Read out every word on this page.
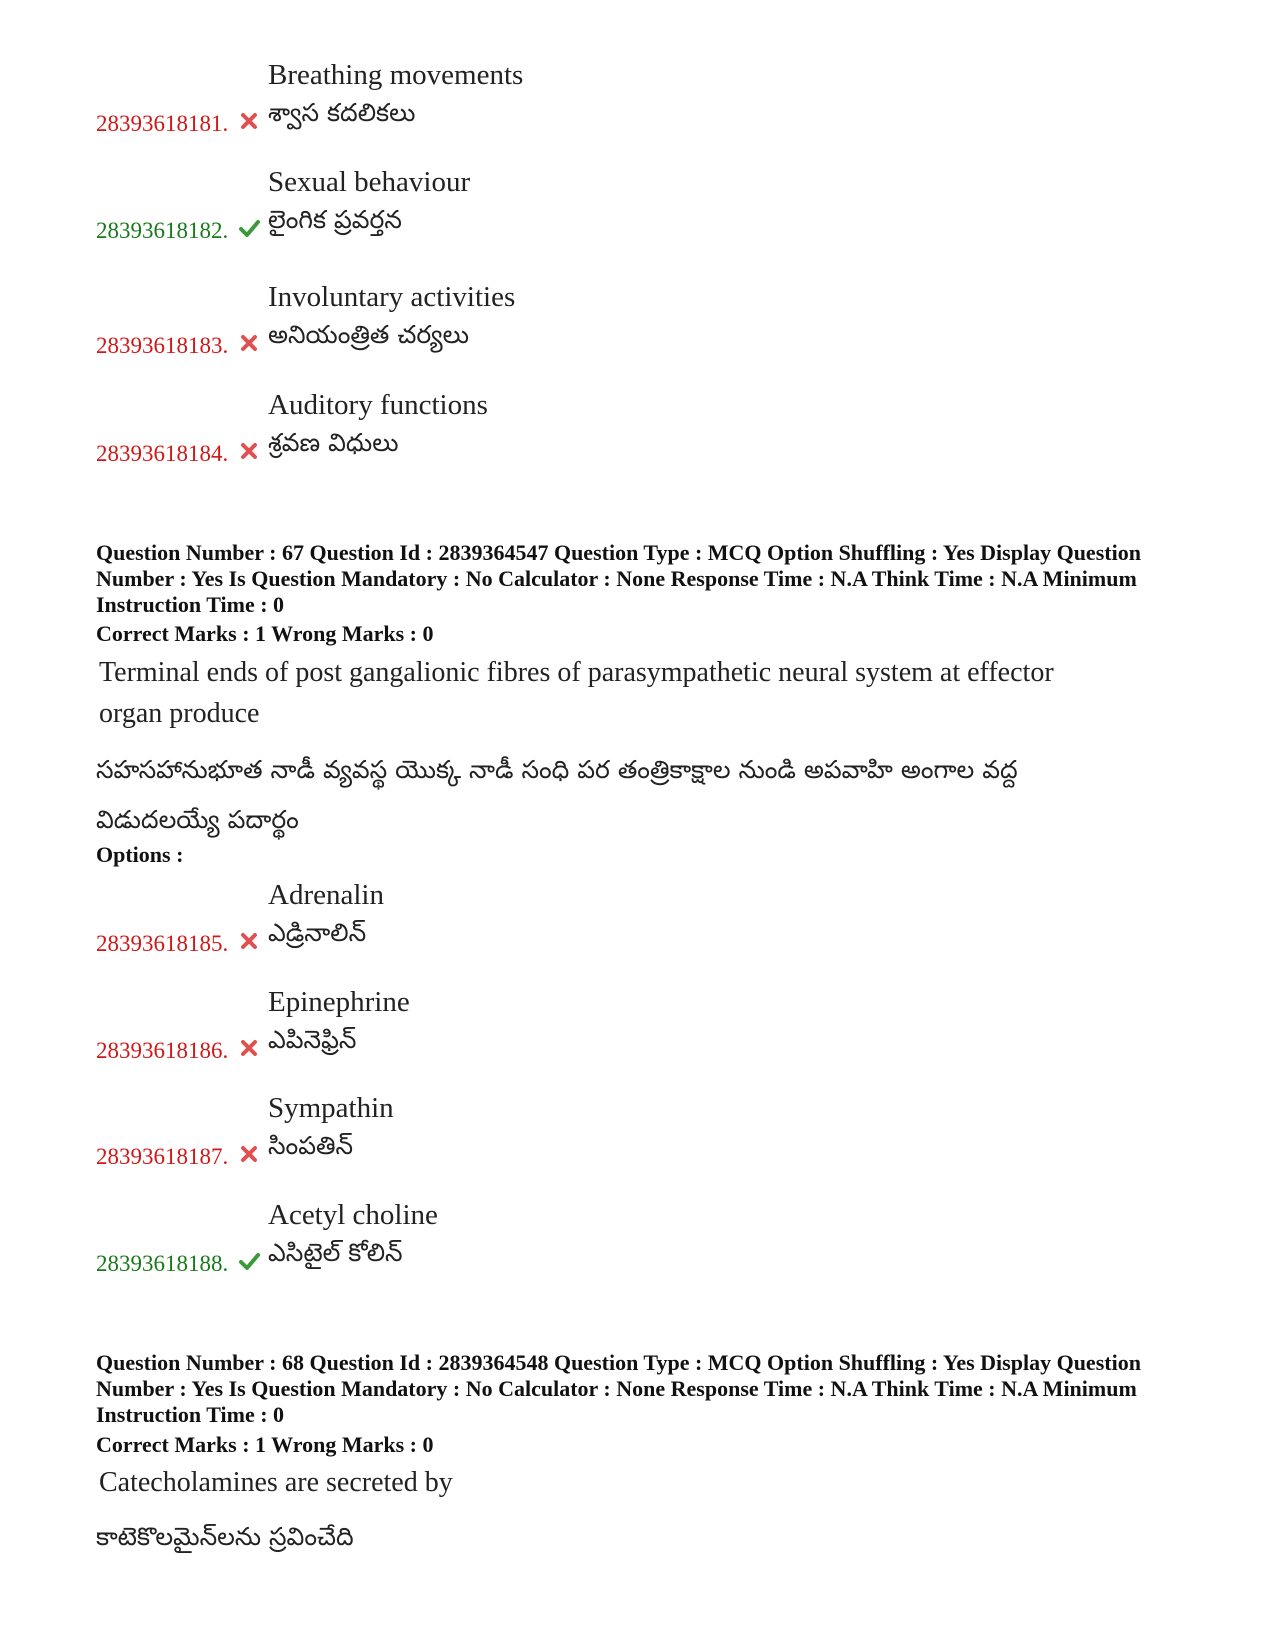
Breathing movements
శ్వాస కదలికలు
28393618181.
Sexual behaviour
లైంగిక ప్రవర్తన
28393618182.
Involuntary activities
అనియంత్రిత చర్యలు
28393618183.
Auditory functions
శ్రవణ విధులు
28393618184.
Question Number : 67 Question Id : 2839364547 Question Type : MCQ Option Shuffling : Yes Display Question Number : Yes Is Question Mandatory : No Calculator : None Response Time : N.A Think Time : N.A Minimum Instruction Time : 0
Correct Marks : 1 Wrong Marks : 0
Terminal ends of post gangalionic fibres of parasympathetic neural system at effector organ produce
సహసహానుభూత నాడీ వ్యవస్థ యొక్క నాడీ సంధి పర తంత్రికాక్షాల నుండి అపవాహి అంగాల వద్ద విడుదలయ్యే పదార్థం
Options :
Adrenalin
ఎడ్రినాలిన్
28393618185.
Epinephrine
ఎపినెఫ్రిన్
28393618186.
Sympathin
సింపతిన్
28393618187.
Acetyl choline
ఎసిటైల్ కోలిన్
28393618188.
Question Number : 68 Question Id : 2839364548 Question Type : MCQ Option Shuffling : Yes Display Question Number : Yes Is Question Mandatory : No Calculator : None Response Time : N.A Think Time : N.A Minimum Instruction Time : 0
Correct Marks : 1 Wrong Marks : 0
Catecholamines are secreted by
కాటెకొలమైన్‌లను స్రవించేది
